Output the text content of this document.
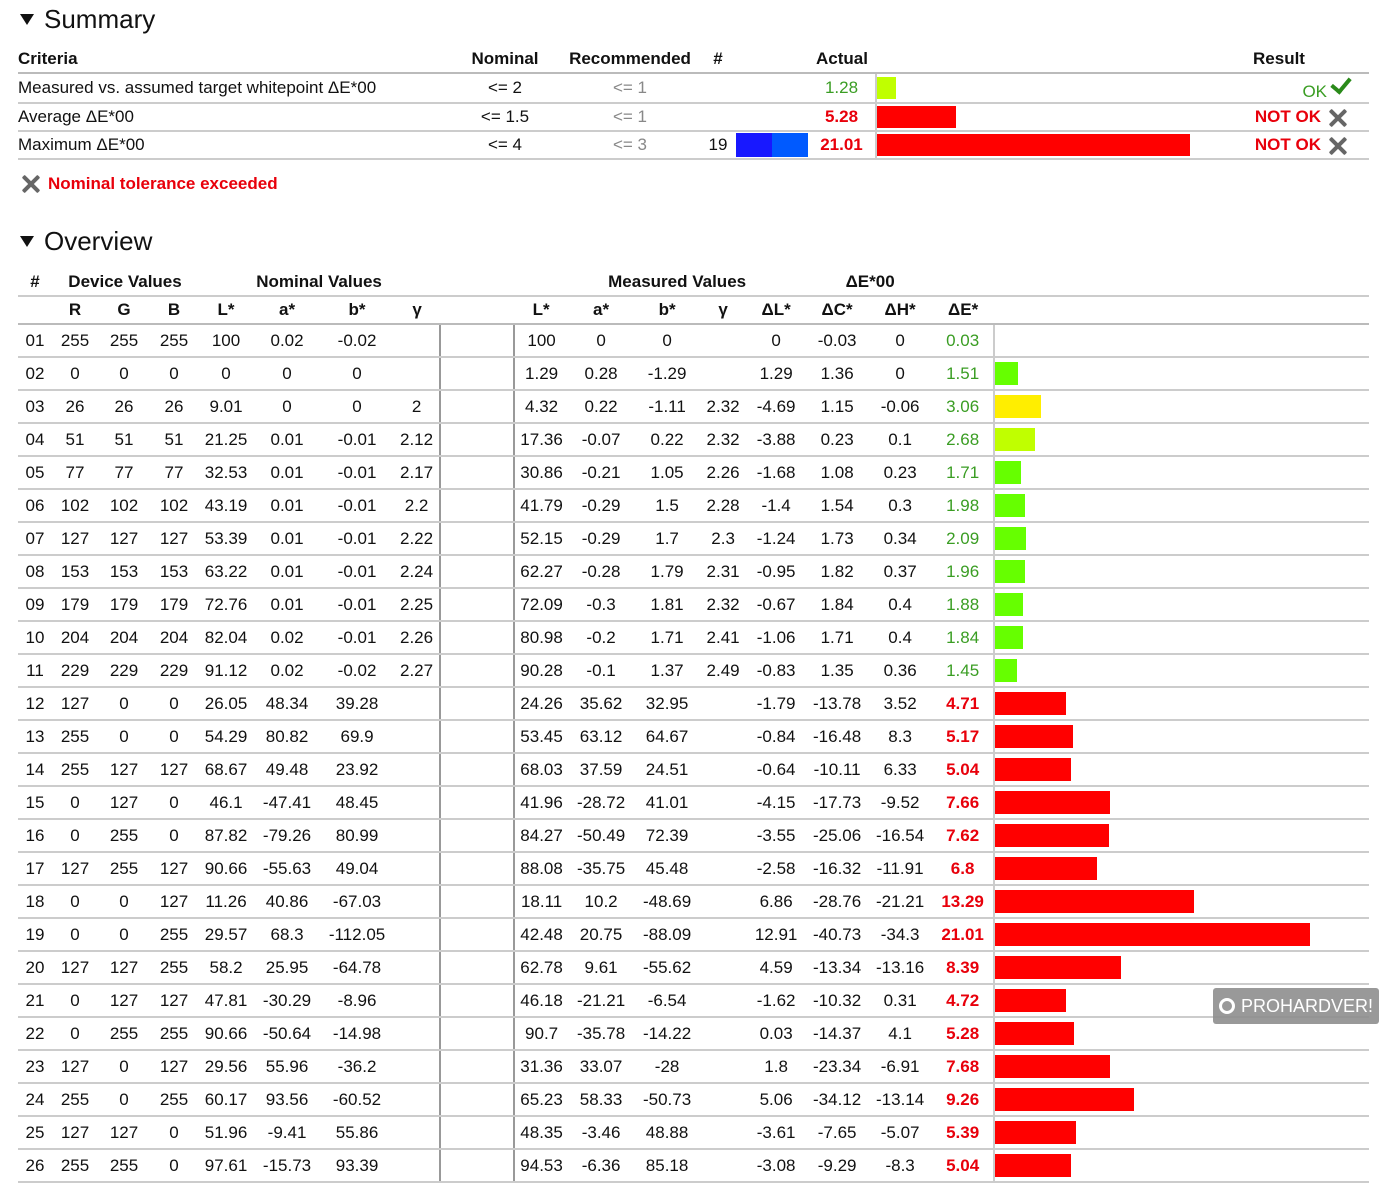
Summary
Criteria	Nominal	Recommended	#		Actual		Result
Measured vs. assumed target whitepoint ΔE*00	<= 2	<= 1			1.28		OK
Average ΔE*00	<= 1.5	<= 1			5.28		NOT OK
Maximum ΔE*00	<= 4	<= 3	19		21.01		NOT OK
Nominal tolerance exceeded
Overview
#	Device Values			Nominal Values					Measured Values				ΔE*00				
	R	G	B	L*	a*	b*	γ		L*	a*	b*	γ	ΔL*	ΔC*	ΔH*	ΔE*	
01	255	255	255	100	0.02	-0.02			100	0	0		0	-0.03	0	0.03	

02	0	0	0	0	0	0			1.29	0.28	-1.29		1.29	1.36	0	1.51	

03	26	26	26	9.01	0	0	2		4.32	0.22	-1.11	2.32	-4.69	1.15	-0.06	3.06	

04	51	51	51	21.25	0.01	-0.01	2.12		17.36	-0.07	0.22	2.32	-3.88	0.23	0.1	2.68	

05	77	77	77	32.53	0.01	-0.01	2.17		30.86	-0.21	1.05	2.26	-1.68	1.08	0.23	1.71	

06	102	102	102	43.19	0.01	-0.01	2.2		41.79	-0.29	1.5	2.28	-1.4	1.54	0.3	1.98	

07	127	127	127	53.39	0.01	-0.01	2.22		52.15	-0.29	1.7	2.3	-1.24	1.73	0.34	2.09	

08	153	153	153	63.22	0.01	-0.01	2.24		62.27	-0.28	1.79	2.31	-0.95	1.82	0.37	1.96	

09	179	179	179	72.76	0.01	-0.01	2.25		72.09	-0.3	1.81	2.32	-0.67	1.84	0.4	1.88	

10	204	204	204	82.04	0.02	-0.01	2.26		80.98	-0.2	1.71	2.41	-1.06	1.71	0.4	1.84	

11	229	229	229	91.12	0.02	-0.02	2.27		90.28	-0.1	1.37	2.49	-0.83	1.35	0.36	1.45	

12	127	0	0	26.05	48.34	39.28			24.26	35.62	32.95		-1.79	-13.78	3.52	4.71	

13	255	0	0	54.29	80.82	69.9			53.45	63.12	64.67		-0.84	-16.48	8.3	5.17	

14	255	127	127	68.67	49.48	23.92			68.03	37.59	24.51		-0.64	-10.11	6.33	5.04	

15	0	127	0	46.1	-47.41	48.45			41.96	-28.72	41.01		-4.15	-17.73	-9.52	7.66	

16	0	255	0	87.82	-79.26	80.99			84.27	-50.49	72.39		-3.55	-25.06	-16.54	7.62	

17	127	255	127	90.66	-55.63	49.04			88.08	-35.75	45.48		-2.58	-16.32	-11.91	6.8	

18	0	0	127	11.26	40.86	-67.03			18.11	10.2	-48.69		6.86	-28.76	-21.21	13.29	

19	0	0	255	29.57	68.3	-112.05			42.48	20.75	-88.09		12.91	-40.73	-34.3	21.01	

20	127	127	255	58.2	25.95	-64.78			62.78	9.61	-55.62		4.59	-13.34	-13.16	8.39	

21	0	127	127	47.81	-30.29	-8.96			46.18	-21.21	-6.54		-1.62	-10.32	0.31	4.72	

22	0	255	255	90.66	-50.64	-14.98			90.7	-35.78	-14.22		0.03	-14.37	4.1	5.28	

23	127	0	127	29.56	55.96	-36.2			31.36	33.07	-28		1.8	-23.34	-6.91	7.68	

24	255	0	255	60.17	93.56	-60.52			65.23	58.33	-50.73		5.06	-34.12	-13.14	9.26	

25	127	127	0	51.96	-9.41	55.86			48.35	-3.46	48.88		-3.61	-7.65	-5.07	5.39	

26	255	255	0	97.61	-15.73	93.39			94.53	-6.36	85.18		-3.08	-9.29	-8.3	5.04	
PROHARDVER!
